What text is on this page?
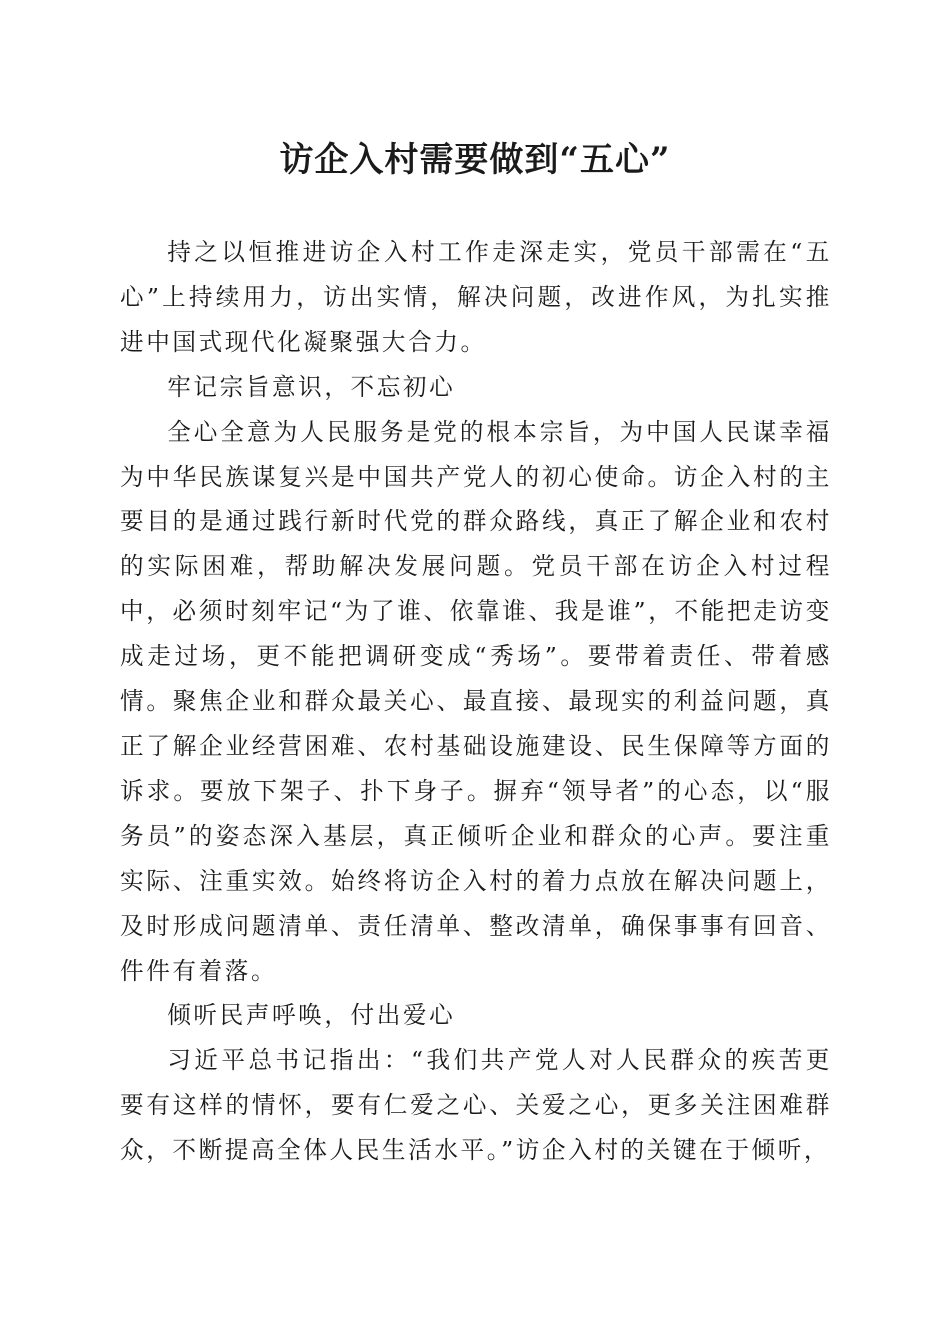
访企入村需要做到“五心”

持之以恒推进访企入村工作走深走实，党员干部需在“五心”上持续用力，访出实情，解决问题，改进作风，为扎实推进中国式现代化凝聚强大合力。

牢记宗旨意识，不忘初心

全心全意为人民服务是党的根本宗旨，为中国人民谋幸福为中华民族谋复兴是中国共产党人的初心使命。访企入村的主要目的是通过践行新时代党的群众路线，真正了解企业和农村的实际困难，帮助解决发展问题。党员干部在访企入村过程中，必须时刻牢记“为了谁、依靠谁、我是谁”，不能把走访变成走过场，更不能把调研变成“秀场”。要带着责任、带着感情。聚焦企业和群众最关心、最直接、最现实的利益问题，真正了解企业经营困难、农村基础设施建设、民生保障等方面的诉求。要放下架子、扑下身子。摒弃“领导者”的心态，以“服务员”的姿态深入基层，真正倾听企业和群众的心声。要注重实际、注重实效。始终将访企入村的着力点放在解决问题上，及时形成问题清单、责任清单、整改清单，确保事事有回音、件件有着落。

倾听民声呼唤，付出爱心

习近平总书记指出：“我们共产党人对人民群众的疾苦更要有这样的情怀，要有仁爱之心、关爱之心，更多关注困难群众，不断提高全体人民生活水平。”访企入村的关键在于倾听，
